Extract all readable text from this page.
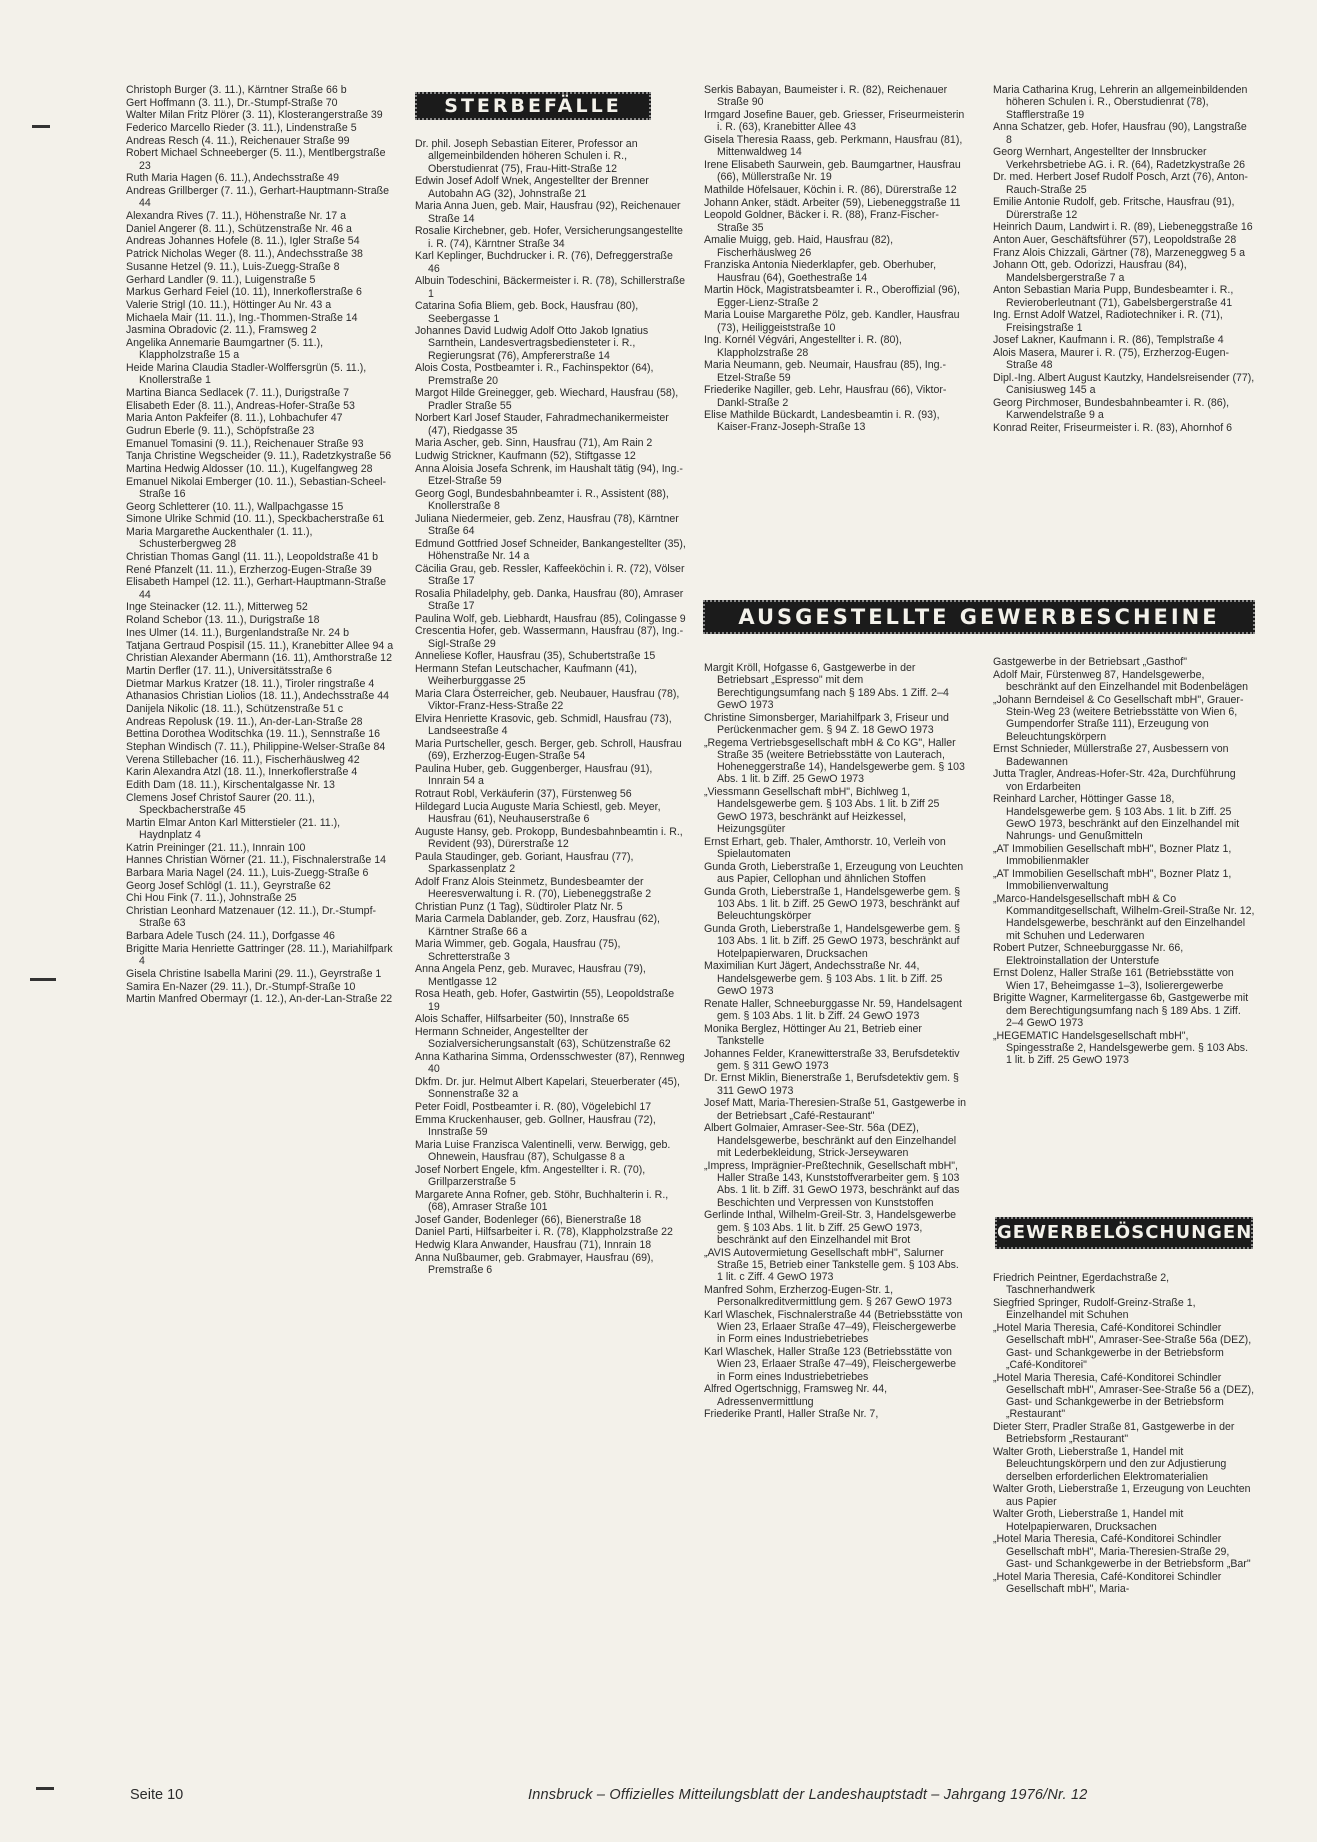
Christoph Burger (3. 11.), Kärntner Straße 66 b

Gert Hoffmann (3. 11.), Dr.-Stumpf-Straße 70

Walter Milan Fritz Plörer (3. 11), Klosterangerstraße 39

Federico Marcello Rieder (3. 11.), Lindenstraße 5

Andreas Resch (4. 11.), Reichenauer Straße 99

Robert Michael Schneeberger (5. 11.), Mentlbergstraße 23

Ruth Maria Hagen (6. 11.), Andechsstraße 49

Andreas Grillberger (7. 11.), Gerhart-Hauptmann-Straße 44

Alexandra Rives (7. 11.), Höhenstraße Nr. 17 a

Daniel Angerer (8. 11.), Schützenstraße Nr. 46 a

Andreas Johannes Hofele (8. 11.), Igler Straße 54

Patrick Nicholas Weger (8. 11.), Andechsstraße 38

Susanne Hetzel (9. 11.), Luis-Zuegg-Straße 8

Gerhard Landler (9. 11.), Luigenstraße 5

Markus Gerhard Feiel (10. 11), Innerkoflerstraße 6

Valerie Strigl (10. 11.), Höttinger Au Nr. 43 a

Michaela Mair (11. 11.), Ing.-Thommen-Straße 14

Jasmina Obradovic (2. 11.), Framsweg 2

Angelika Annemarie Baumgartner (5. 11.), Klappholzstraße 15 a

Heide Marina Claudia Stadler-Wolffersgrün (5. 11.), Knollerstraße 1

Martina Bianca Sedlacek (7. 11.), Durigstraße 7

Elisabeth Eder (8. 11.), Andreas-Hofer-Straße 53

Maria Anton Pakfeifer (8. 11.), Lohbachufer 47

Gudrun Eberle (9. 11.), Schöpfstraße 23

Emanuel Tomasini (9. 11.), Reichenauer Straße 93

Tanja Christine Wegscheider (9. 11.), Radetzkystraße 56

Martina Hedwig Aldosser (10. 11.), Kugelfangweg 28

Emanuel Nikolai Emberger (10. 11.), Sebastian-Scheel-Straße 16

Georg Schletterer (10. 11.), Wallpachgasse 15

Simone Ulrike Schmid (10. 11.), Speckbacherstraße 61

Maria Margarethe Auckenthaler (1. 11.), Schusterbergweg 28

Christian Thomas Gangl (11. 11.), Leopoldstraße 41 b

René Pfanzelt (11. 11.), Erzherzog-Eugen-Straße 39

Elisabeth Hampel (12. 11.), Gerhart-Hauptmann-Straße 44

Inge Steinacker (12. 11.), Mitterweg 52

Roland Schebor (13. 11.), Durigstraße 18

Ines Ulmer (14. 11.), Burgenlandstraße Nr. 24 b

Tatjana Gertraud Pospisil (15. 11.), Kranebitter Allee 94 a

Christian Alexander Abermann (16. 11), Amthorstraße 12

Martin Derfler (17. 11.), Universitätsstraße 6

Dietmar Markus Kratzer (18. 11.), Tiroler ringstraße 4

Athanasios Christian Liolios (18. 11.), Andechsstraße 44

Danijela Nikolic (18. 11.), Schützenstraße 51 c

Andreas Repolusk (19. 11.), An-der-Lan-Straße 28

Bettina Dorothea Woditschka (19. 11.), Sennstraße 16

Stephan Windisch (7. 11.), Philippine-Welser-Straße 84

Verena Stillebacher (16. 11.), Fischerhäuslweg 42

Karin Alexandra Atzl (18. 11.), Innerkoflerstraße 4

Edith Dam (18. 11.), Kirschentalgasse Nr. 13

Clemens Josef Christof Saurer (20. 11.), Speckbacherstraße 45

Martin Elmar Anton Karl Mitterstieler (21. 11.), Haydnplatz 4

Katrin Preininger (21. 11.), Innrain 100

Hannes Christian Wörner (21. 11.), Fischnalerstraße 14

Barbara Maria Nagel (24. 11.), Luis-Zuegg-Straße 6

Georg Josef Schlögl (1. 11.), Geyrstraße 62

Chi Hou Fink (7. 11.), Johnstraße 25

Christian Leonhard Matzenauer (12. 11.), Dr.-Stumpf-Straße 63

Barbara Adele Tusch (24. 11.), Dorfgasse 46

Brigitte Maria Henriette Gattringer (28. 11.), Mariahilfpark 4

Gisela Christine Isabella Marini (29. 11.), Geyrstraße 1

Samira En-Nazer (29. 11.), Dr.-Stumpf-Straße 10

Martin Manfred Obermayr (1. 12.), An-der-Lan-Straße 22

STERBEFÄLLE

Dr. phil. Joseph Sebastian Eiterer, Professor an allgemeinbildenden höheren Schulen i. R., Oberstudienrat (75), Frau-Hitt-Straße 12

Edwin Josef Adolf Wnek, Angestellter der Brenner Autobahn AG (32), Johnstraße 21

Maria Anna Juen, geb. Mair, Hausfrau (92), Reichenauer Straße 14

Rosalie Kirchebner, geb. Hofer, Versicherungsangestellte i. R. (74), Kärntner Straße 34

Karl Keplinger, Buchdrucker i. R. (76), Defreggerstraße 46

Albuin Todeschini, Bäckermeister i. R. (78), Schillerstraße 1

Catarina Sofia Bliem, geb. Bock, Hausfrau (80), Seebergasse 1

Johannes David Ludwig Adolf Otto Jakob Ignatius Sarnthein, Landesvertragsbediensteter i. R., Regierungsrat (76), Ampfererstraße 14

Alois Costa, Postbeamter i. R., Fachinspektor (64), Premstraße 20

Margot Hilde Greinegger, geb. Wiechard, Hausfrau (58), Pradler Straße 55

Norbert Karl Josef Stauder, Fahradmechanikermeister (47), Riedgasse 35

Maria Ascher, geb. Sinn, Hausfrau (71), Am Rain 2

Ludwig Strickner, Kaufmann (52), Stiftgasse 12

Anna Aloisia Josefa Schrenk, im Haushalt tätig (94), Ing.-Etzel-Straße 59

Georg Gogl, Bundesbahnbeamter i. R., Assistent (88), Knollerstraße 8

Juliana Niedermeier, geb. Zenz, Hausfrau (78), Kärntner Straße 64

Edmund Gottfried Josef Schneider, Bankangestellter (35), Höhenstraße Nr. 14 a

Cäcilia Grau, geb. Ressler, Kaffeeköchin i. R. (72), Völser Straße 17

Rosalia Philadelphy, geb. Danka, Hausfrau (80), Amraser Straße 17

Paulina Wolf, geb. Liebhardt, Hausfrau (85), Colingasse 9

Crescentia Hofer, geb. Wassermann, Hausfrau (87), Ing.-Sigl-Straße 29

Anneliese Kofler, Hausfrau (35), Schubertstraße 15

Hermann Stefan Leutschacher, Kaufmann (41), Weiherburggasse 25

Maria Clara Österreicher, geb. Neubauer, Hausfrau (78), Viktor-Franz-Hess-Straße 22

Elvira Henriette Krasovic, geb. Schmidl, Hausfrau (73), Landseestraße 4

Maria Purtscheller, gesch. Berger, geb. Schroll, Hausfrau (69), Erzherzog-Eugen-Straße 54

Paulina Huber, geb. Guggenberger, Hausfrau (91), Innrain 54 a

Rotraut Robl, Verkäuferin (37), Fürstenweg 56

Hildegard Lucia Auguste Maria Schiestl, geb. Meyer, Hausfrau (61), Neuhauserstraße 6

Auguste Hansy, geb. Prokopp, Bundesbahnbeamtin i. R., Revident (93), Dürerstraße 12

Paula Staudinger, geb. Goriant, Hausfrau (77), Sparkassenplatz 2

Adolf Franz Alois Steinmetz, Bundesbeamter der Heeresverwaltung i. R. (70), Liebeneggstraße 2

Christian Punz (1 Tag), Südtiroler Platz Nr. 5

Maria Carmela Dablander, geb. Zorz, Hausfrau (62), Kärntner Straße 66 a

Maria Wimmer, geb. Gogala, Hausfrau (75), Schretterstraße 3

Anna Angela Penz, geb. Muravec, Hausfrau (79), Mentlgasse 12

Rosa Heath, geb. Hofer, Gastwirtin (55), Leopoldstraße 19

Alois Schaffer, Hilfsarbeiter (50), Innstraße 65

Hermann Schneider, Angestellter der Sozialversicherungsanstalt (63), Schützenstraße 62

Anna Katharina Simma, Ordensschwester (87), Rennweg 40

Dkfm. Dr. jur. Helmut Albert Kapelari, Steuerberater (45), Sonnenstraße 32 a

Peter Foidl, Postbeamter i. R. (80), Vögelebichl 17

Emma Kruckenhauser, geb. Gollner, Hausfrau (72), Innstraße 59

Maria Luise Franzisca Valentinelli, verw. Berwigg, geb. Ohnewein, Hausfrau (87), Schulgasse 8 a

Josef Norbert Engele, kfm. Angestellter i. R. (70), Grillparzerstraße 5

Margarete Anna Rofner, geb. Stöhr, Buchhalterin i. R., (68), Amraser Straße 101

Josef Gander, Bodenleger (66), Bienerstraße 18

Daniel Parti, Hilfsarbeiter i. R. (78), Klappholzstraße 22

Hedwig Klara Anwander, Hausfrau (71), Innrain 18

Anna Nußbaumer, geb. Grabmayer, Hausfrau (69), Premstraße 6

Serkis Babayan, Baumeister i. R. (82), Reichenauer Straße 90

Irmgard Josefine Bauer, geb. Griesser, Friseurmeisterin i. R. (63), Kranebitter Allee 43

Gisela Theresia Raass, geb. Perkmann, Hausfrau (81), Mittenwaldweg 14

Irene Elisabeth Saurwein, geb. Baumgartner, Hausfrau (66), Müllerstraße Nr. 19

Mathilde Höfelsauer, Köchin i. R. (86), Dürerstraße 12

Johann Anker, städt. Arbeiter (59), Liebeneggstraße 11

Leopold Goldner, Bäcker i. R. (88), Franz-Fischer-Straße 35

Amalie Muigg, geb. Haid, Hausfrau (82), Fischerhäuslweg 26

Franziska Antonia Niederklapfer, geb. Oberhuber, Hausfrau (64), Goethestraße 14

Martin Höck, Magistratsbeamter i. R., Oberoffizial (96), Egger-Lienz-Straße 2

Maria Louise Margarethe Pölz, geb. Kandler, Hausfrau (73), Heiliggeiststraße 10

Ing. Kornél Végvári, Angestellter i. R. (80), Klappholzstraße 28

Maria Neumann, geb. Neumair, Hausfrau (85), Ing.-Etzel-Straße 59

Friederike Nagiller, geb. Lehr, Hausfrau (66), Viktor-Dankl-Straße 2

Elise Mathilde Bückardt, Landesbeamtin i. R. (93), Kaiser-Franz-Joseph-Straße 13

Maria Catharina Krug, Lehrerin an allgemeinbildenden höheren Schulen i. R., Oberstudienrat (78), Stafflerstraße 19

Anna Schatzer, geb. Hofer, Hausfrau (90), Langstraße 8

Georg Wernhart, Angestellter der Innsbrucker Verkehrsbetriebe AG. i. R. (64), Radetzkystraße 26

Dr. med. Herbert Josef Rudolf Posch, Arzt (76), Anton-Rauch-Straße 25

Emilie Antonie Rudolf, geb. Fritsche, Hausfrau (91), Dürerstraße 12

Heinrich Daum, Landwirt i. R. (89), Liebeneggstraße 16

Anton Auer, Geschäftsführer (57), Leopoldstraße 28

Franz Alois Chizzali, Gärtner (78), Marzeneggweg 5 a

Johann Ott, geb. Odorizzi, Hausfrau (84), Mandelsbergerstraße 7 a

Anton Sebastian Maria Pupp, Bundesbeamter i. R., Revieroberleutnant (71), Gabelsbergerstraße 41

Ing. Ernst Adolf Watzel, Radiotechniker i. R. (71), Freisingstraße 1

Josef Lakner, Kaufmann i. R. (86), Templstraße 4

Alois Masera, Maurer i. R. (75), Erzherzog-Eugen-Straße 48

Dipl.-Ing. Albert August Kautzky, Handelsreisender (77), Canisiusweg 145 a

Georg Pirchmoser, Bundesbahnbeamter i. R. (86), Karwendelstraße 9 a

Konrad Reiter, Friseurmeister i. R. (83), Ahornhof 6

AUSGESTELLTE GEWERBESCHEINE

Margit Kröll, Hofgasse 6, Gastgewerbe in der Betriebsart „Espresso" mit dem Berechtigungsumfang nach § 189 Abs. 1 Ziff. 2–4 GewO 1973

Christine Simonsberger, Mariahilfpark 3, Friseur und Perückenmacher gem. § 94 Z. 18 GewO 1973

„Regema Vertriebsgesellschaft mbH & Co KG", Haller Straße 35 (weitere Betriebsstätte von Lauterach, Hoheneggerstraße 14), Handelsgewerbe gem. § 103 Abs. 1 lit. b Ziff. 25 GewO 1973

„Viessmann Gesellschaft mbH", Bichlweg 1, Handelsgewerbe gem. § 103 Abs. 1 lit. b Ziff 25 GewO 1973, beschränkt auf Heizkessel, Heizungsgüter

Ernst Erhart, geb. Thaler, Amthorstr. 10, Verleih von Spielautomaten

Gunda Groth, Lieberstraße 1, Erzeugung von Leuchten aus Papier, Cellophan und ähnlichen Stoffen

Gunda Groth, Lieberstraße 1, Handelsgewerbe gem. § 103 Abs. 1 lit. b Ziff. 25 GewO 1973, beschränkt auf Beleuchtungskörper

Gunda Groth, Lieberstraße 1, Handelsgewerbe gem. § 103 Abs. 1 lit. b Ziff. 25 GewO 1973, beschränkt auf Hotelpapierwaren, Drucksachen

Maximilian Kurt Jägert, Andechsstraße Nr. 44, Handelsgewerbe gem. § 103 Abs. 1 lit. b Ziff. 25 GewO 1973

Renate Haller, Schneeburggasse Nr. 59, Handelsagent gem. § 103 Abs. 1 lit. b Ziff. 24 GewO 1973

Monika Berglez, Höttinger Au 21, Betrieb einer Tankstelle

Johannes Felder, Kranewitterstraße 33, Berufsdetektiv gem. § 311 GewO 1973

Dr. Ernst Miklin, Bienerstraße 1, Berufsdetektiv gem. § 311 GewO 1973

Josef Matt, Maria-Theresien-Straße 51, Gastgewerbe in der Betriebsart „Café-Restaurant"

Albert Golmaier, Amraser-See-Str. 56a (DEZ), Handelsgewerbe, beschränkt auf den Einzelhandel mit Lederbekleidung, Strick-Jerseywaren

„Impress, Imprägnier-Preßtechnik, Gesellschaft mbH", Haller Straße 143, Kunststoffverarbeiter gem. § 103 Abs. 1 lit. b Ziff. 31 GewO 1973, beschränkt auf das Beschichten und Verpressen von Kunststoffen

Gerlinde Inthal, Wilhelm-Greil-Str. 3, Handelsgewerbe gem. § 103 Abs. 1 lit. b Ziff. 25 GewO 1973, beschränkt auf den Einzelhandel mit Brot

„AVIS Autovermietung Gesellschaft mbH", Salurner Straße 15, Betrieb einer Tankstelle gem. § 103 Abs. 1 lit. c Ziff. 4 GewO 1973

Manfred Sohm, Erzherzog-Eugen-Str. 1, Personalkreditvermittlung gem. § 267 GewO 1973

Karl Wlaschek, Fischnalerstraße 44 (Betriebsstätte von Wien 23, Erlaaer Straße 47–49), Fleischergewerbe in Form eines Industriebetriebes

Karl Wlaschek, Haller Straße 123 (Betriebsstätte von Wien 23, Erlaaer Straße 47–49), Fleischergewerbe in Form eines Industriebetriebes

Alfred Ogertschnigg, Framsweg Nr. 44, Adressenvermittlung

Friederike Prantl, Haller Straße Nr. 7,

Gastgewerbe in der Betriebsart „Gasthof"

Adolf Mair, Fürstenweg 87, Handelsgewerbe, beschränkt auf den Einzelhandel mit Bodenbelägen

„Johann Berndeisel & Co Gesellschaft mbH", Grauer-Stein-Weg 23 (weitere Betriebsstätte von Wien 6, Gumpendorfer Straße 111), Erzeugung von Beleuchtungskörpern

Ernst Schnieder, Müllerstraße 27, Ausbessern von Badewannen

Jutta Tragler, Andreas-Hofer-Str. 42a, Durchführung von Erdarbeiten

Reinhard Larcher, Höttinger Gasse 18, Handelsgewerbe gem. § 103 Abs. 1 lit. b Ziff. 25 GewO 1973, beschränkt auf den Einzelhandel mit Nahrungs- und Genußmitteln

„AT Immobilien Gesellschaft mbH", Bozner Platz 1, Immobilienmakler

„AT Immobilien Gesellschaft mbH", Bozner Platz 1, Immobilienverwaltung

„Marco-Handelsgesellschaft mbH & Co Kommanditgesellschaft, Wilhelm-Greil-Straße Nr. 12, Handelsgewerbe, beschränkt auf den Einzelhandel mit Schuhen und Lederwaren

Robert Putzer, Schneeburggasse Nr. 66, Elektroinstallation der Unterstufe

Ernst Dolenz, Haller Straße 161 (Betriebsstätte von Wien 17, Beheimgasse 1–3), Isolierergewerbe

Brigitte Wagner, Karmelitergasse 6b, Gastgewerbe mit dem Berechtigungsumfang nach § 189 Abs. 1 Ziff. 2–4 GewO 1973

„HEGEMATIC Handelsgesellschaft mbH", Spingesstraße 2, Handelsgewerbe gem. § 103 Abs. 1 lit. b Ziff. 25 GewO 1973

GEWERBELÖSCHUNGEN

Friedrich Peintner, Egerdachstraße 2, Taschnerhandwerk

Siegfried Springer, Rudolf-Greinz-Straße 1, Einzelhandel mit Schuhen

„Hotel Maria Theresia, Café-Konditorei Schindler Gesellschaft mbH", Amraser-See-Straße 56a (DEZ), Gast- und Schankgewerbe in der Betriebsform „Café-Konditorei"

„Hotel Maria Theresia, Café-Konditorei Schindler Gesellschaft mbH", Amraser-See-Straße 56 a (DEZ), Gast- und Schankgewerbe in der Betriebsform „Restaurant"

Dieter Sterr, Pradler Straße 81, Gastgewerbe in der Betriebsform „Restaurant"

Walter Groth, Lieberstraße 1, Handel mit Beleuchtungskörpern und den zur Adjustierung derselben erforderlichen Elektromaterialien

Walter Groth, Lieberstraße 1, Erzeugung von Leuchten aus Papier

Walter Groth, Lieberstraße 1, Handel mit Hotelpapierwaren, Drucksachen

„Hotel Maria Theresia, Café-Konditorei Schindler Gesellschaft mbH", Maria-Theresien-Straße 29, Gast- und Schankgewerbe in der Betriebsform „Bar"

„Hotel Maria Theresia, Café-Konditorei Schindler Gesellschaft mbH", Maria-

Seite 10	Innsbruck – Offizielles Mitteilungsblatt der Landeshauptstadt – Jahrgang 1976/Nr. 12
